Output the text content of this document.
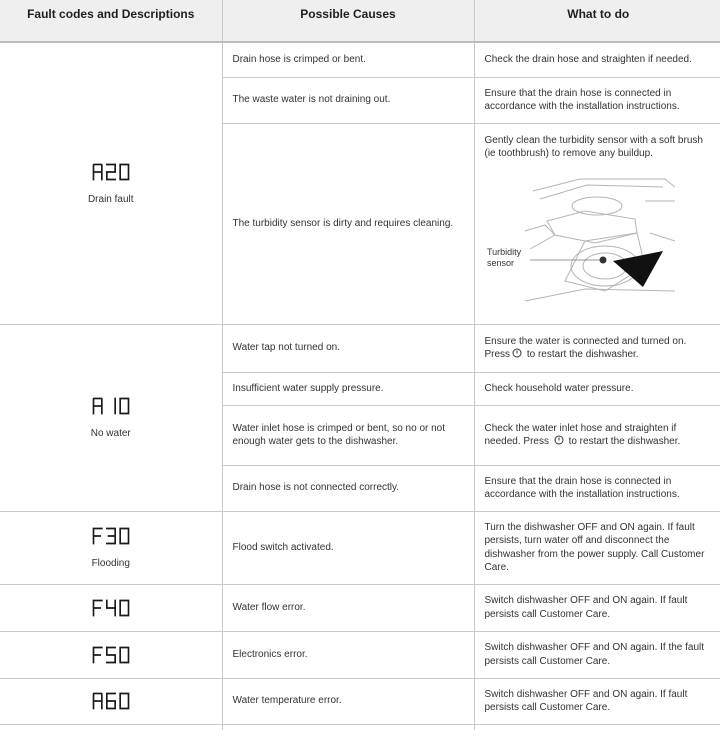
Fault codes and Descriptions	Possible Causes	What to do

Drain fault	Drain hose is crimped or bent.	Check the drain hose and straighten if needed.
	The waste water is not draining out.	Ensure that the drain hose is connected in accordance with the installation instructions.
	The turbidity sensor is dirty and requires cleaning.	Gently clean the turbidity sensor with a soft brush (ie toothbrush) to remove any buildup.
Turbidity
sensor

No water	Water tap not turned on.	Ensure the water is connected and turned on. Press to restart the dishwasher.
	Insufficient water supply pressure.	Check household water pressure.
	Water inlet hose is crimped or bent, so no or not enough water gets to the dishwasher.	Check the water inlet hose and straighten if needed. Press to restart the dishwasher.
	Drain hose is not connected correctly.	Ensure that the drain hose is connected in accordance with the installation instructions.

Flooding	Flood switch activated.	Turn the dishwasher OFF and ON again. If fault persists, turn water off and disconnect the dishwasher from the power supply. Call Customer Care.

	Water flow error.	Switch dishwasher OFF and ON again. If fault persists call Customer Care.

	Electronics error.	Switch dishwasher OFF and ON again. If the fault persists call Customer Care.

	Water temperature error.	Switch dishwasher OFF and ON again. If fault persists call Customer Care.
